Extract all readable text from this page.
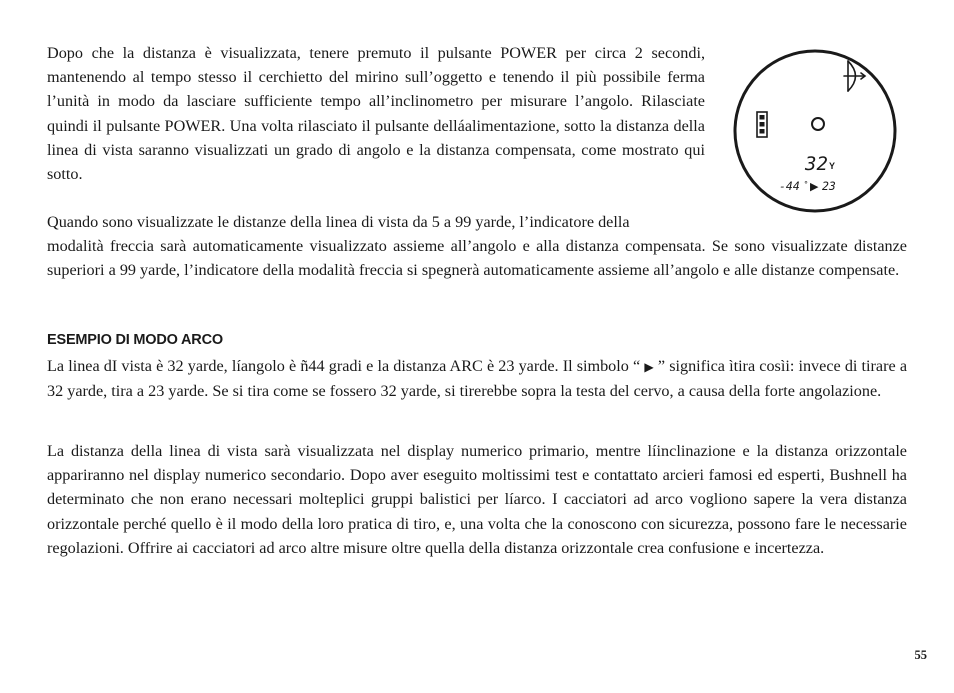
Dopo che la distanza è visualizzata, tenere premuto il pulsante POWER per circa 2 secondi, mantenendo al tempo stesso il cerchietto del mirino sull’oggetto e tenendo il più possibile ferma l’unità in modo da lasciare sufficiente tempo all’inclinometro per misurare l’angolo. Rilasciate quindi il pulsante POWER. Una volta rilasciato il pulsante delláalimentazione, sotto la distanza della linea di vista saranno visualizzati un grado di angolo e la distanza compensata, come mostrato qui sotto.	32 Y
-44 ° ▶ 23

Quando sono visualizzate le distanze della linea di vista da 5 a 99 yarde, l’indicatore della
modalità freccia sarà automaticamente visualizzato assieme all’angolo e alla distanza compensata. Se sono visualizzate distanze superiori a 99 yarde, l’indicatore della modalità freccia si spegnerà automaticamente assieme all’angolo e alle distanze compensate.

ESEMPIO DI MODO ARCO

La linea dI vista è 32 yarde, líangolo è ñ44 gradi e la distanza ARC è 23 yarde. Il simbolo “ ▶ ” significa ìtira cosìi: invece di tirare a 32 yarde, tira a 23 yarde. Se si tira come se fossero 32 yarde, si tirerebbe sopra la testa del cervo, a causa della forte angolazione.

La distanza della linea di vista sarà visualizzata nel display numerico primario, mentre líinclinazione e la distanza orizzontale appariranno nel display numerico secondario. Dopo aver eseguito moltissimi test e contattato arcieri famosi ed esperti, Bushnell ha determinato che non erano necessari molteplici gruppi balistici per líarco. I cacciatori ad arco vogliono sapere la vera distanza orizzontale perché quello è il modo della loro pratica di tiro, e, una volta che la conoscono con sicurezza, possono fare le necessarie regolazioni. Offrire ai cacciatori ad arco altre misure oltre quella della distanza orizzontale crea confusione e incertezza.

55
